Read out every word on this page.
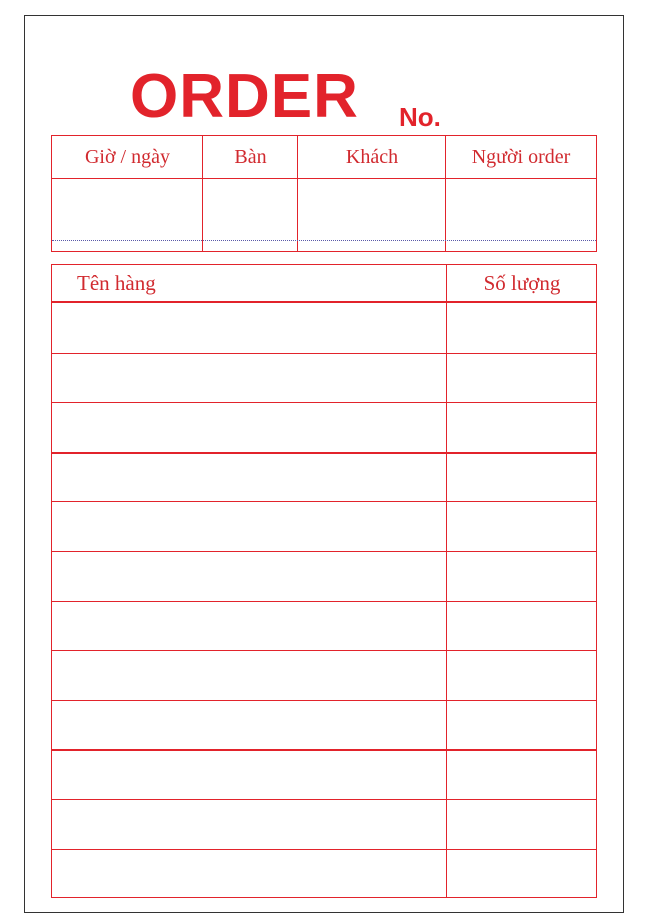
ORDER No.
Giờ / ngày	Bàn	Khách	Người order
Tên hàng	Số lượng
